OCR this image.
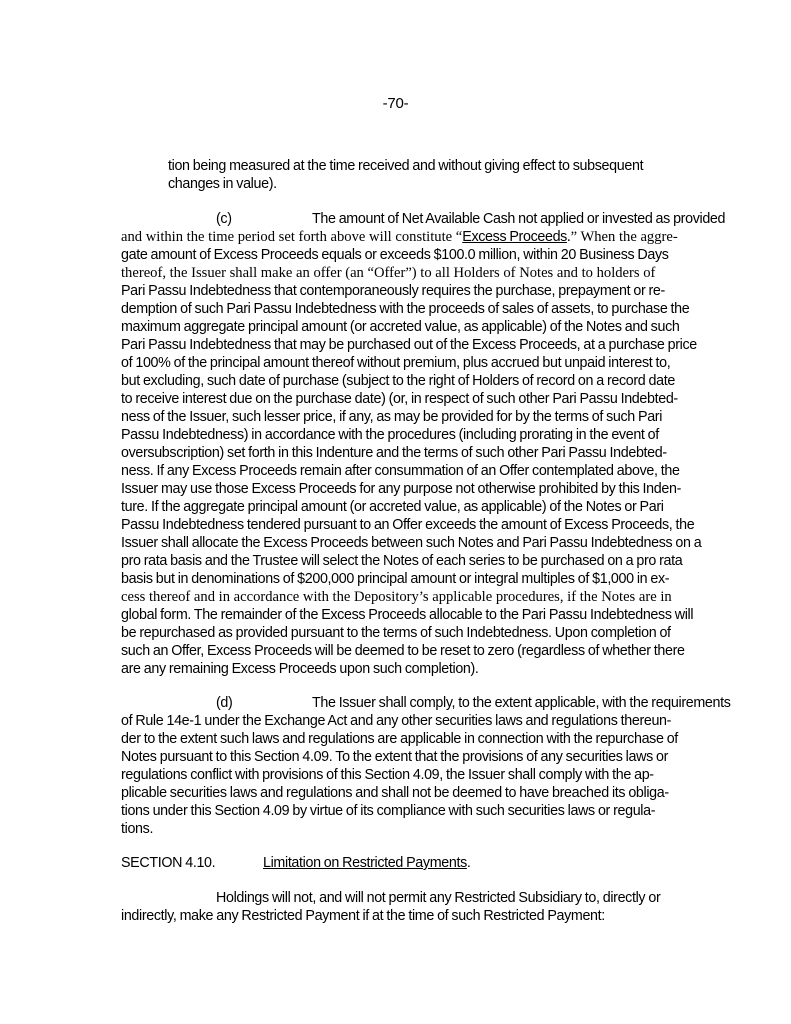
-70-
tion being measured at the time received and without giving effect to subsequent
changes in value).
(c)	The amount of Net Available Cash not applied or invested as provided
and within the time period set forth above will constitute “Excess Proceeds.” When the aggre-
gate amount of Excess Proceeds equals or exceeds $100.0 million, within 20 Business Days
thereof, the Issuer shall make an offer (an “Offer”) to all Holders of Notes and to holders of
Pari Passu Indebtedness that contemporaneously requires the purchase, prepayment or re-
demption of such Pari Passu Indebtedness with the proceeds of sales of assets, to purchase the
maximum aggregate principal amount (or accreted value, as applicable) of the Notes and such
Pari Passu Indebtedness that may be purchased out of the Excess Proceeds, at a purchase price
of 100% of the principal amount thereof without premium, plus accrued but unpaid interest to,
but excluding, such date of purchase (subject to the right of Holders of record on a record date
to receive interest due on the purchase date) (or, in respect of such other Pari Passu Indebted-
ness of the Issuer, such lesser price, if any, as may be provided for by the terms of such Pari
Passu Indebtedness) in accordance with the procedures (including prorating in the event of
oversubscription) set forth in this Indenture and the terms of such other Pari Passu Indebted-
ness. If any Excess Proceeds remain after consummation of an Offer contemplated above, the
Issuer may use those Excess Proceeds for any purpose not otherwise prohibited by this Inden-
ture. If the aggregate principal amount (or accreted value, as applicable) of the Notes or Pari
Passu Indebtedness tendered pursuant to an Offer exceeds the amount of Excess Proceeds, the
Issuer shall allocate the Excess Proceeds between such Notes and Pari Passu Indebtedness on a
pro rata basis and the Trustee will select the Notes of each series to be purchased on a pro rata
basis but in denominations of $200,000 principal amount or integral multiples of $1,000 in ex-
cess thereof and in accordance with the Depository’s applicable procedures, if the Notes are in
global form. The remainder of the Excess Proceeds allocable to the Pari Passu Indebtedness will
be repurchased as provided pursuant to the terms of such Indebtedness. Upon completion of
such an Offer, Excess Proceeds will be deemed to be reset to zero (regardless of whether there
are any remaining Excess Proceeds upon such completion).
(d)	The Issuer shall comply, to the extent applicable, with the requirements
of Rule 14e-1 under the Exchange Act and any other securities laws and regulations thereun-
der to the extent such laws and regulations are applicable in connection with the repurchase of
Notes pursuant to this Section 4.09. To the extent that the provisions of any securities laws or
regulations conflict with provisions of this Section 4.09, the Issuer shall comply with the ap-
plicable securities laws and regulations and shall not be deemed to have breached its obliga-
tions under this Section 4.09 by virtue of its compliance with such securities laws or regula-
tions.
SECTION 4.10.	Limitation on Restricted Payments.
Holdings will not, and will not permit any Restricted Subsidiary to, directly or
indirectly, make any Restricted Payment if at the time of such Restricted Payment:
